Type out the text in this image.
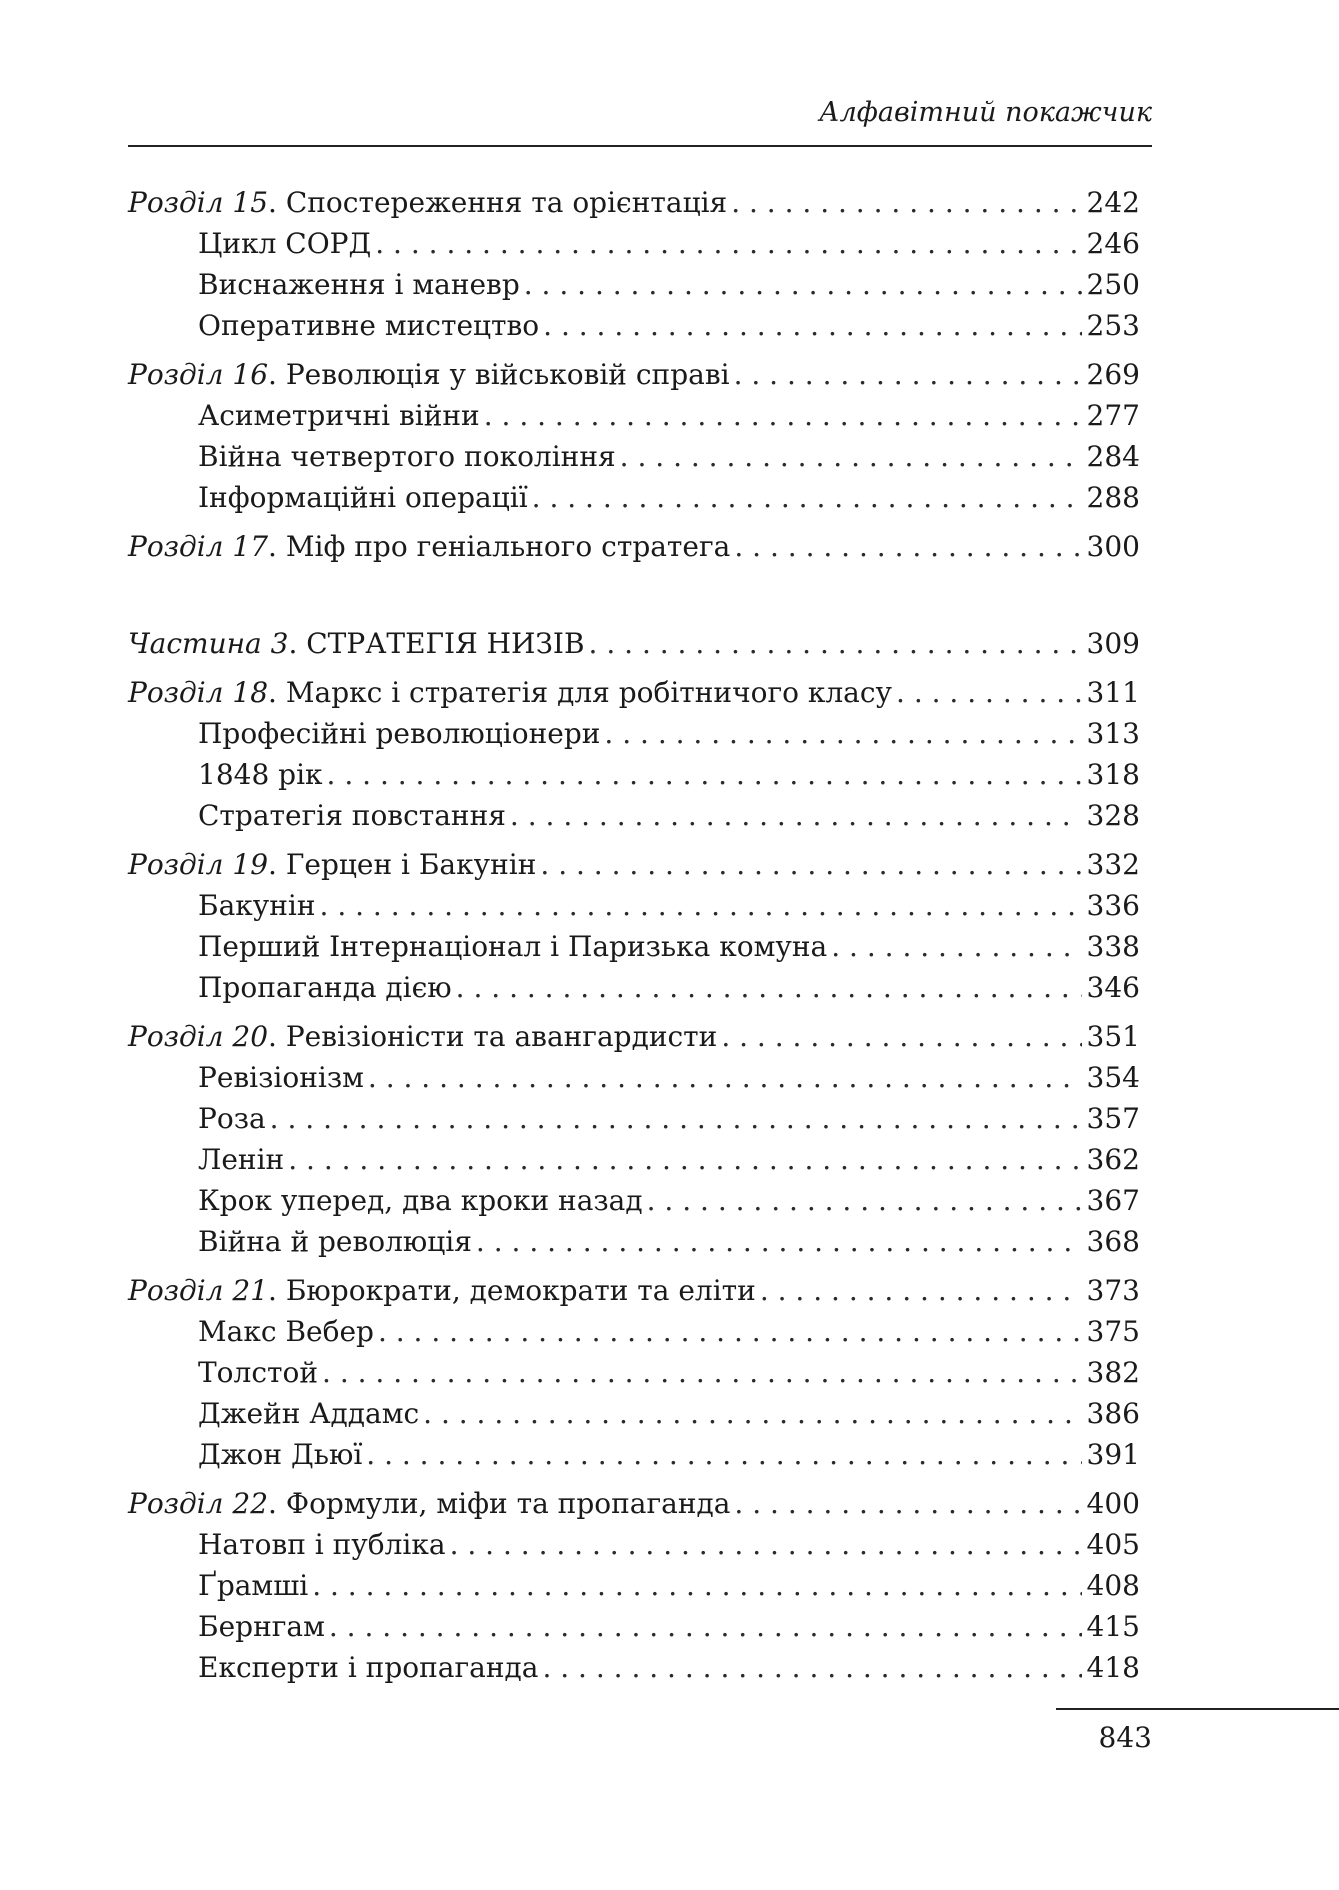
Алфавітний покажчик
Розділ 15. Спостереження та орієнтація . . .	242
Цикл СОРД . . .	246
Виснаження і маневр . . .	250
Оперативне мистецтво . . .	253
Розділ 16. Революція у військовій справі . . .	269
Асиметричні війни . . .	277
Війна четвертого покоління . . .	284
Інформаційні операції . . .	288
Розділ 17. Міф про геніального стратега . . .	300
Частина 3. СТРАТЕГІЯ НИЗІВ . . .	309
Розділ 18. Маркс і стратегія для робітничого класу . . .	311
Професійні революціонери . . .	313
1848 рік . . .	318
Стратегія повстання . . .	328
Розділ 19. Герцен і Бакунін . . .	332
Бакунін . . .	336
Перший Інтернаціонал і Паризька комуна . . .	338
Пропаганда дією . . .	346
Розділ 20. Ревізіоністи та авангардисти . . .	351
Ревізіонізм . . .	354
Роза . . .	357
Ленін . . .	362
Крок уперед, два кроки назад . . .	367
Війна й революція . . .	368
Розділ 21. Бюрократи, демократи та еліти . . .	373
Макс Вебер . . .	375
Толстой . . .	382
Джейн Аддамс . . .	386
Джон Дьюї . . .	391
Розділ 22. Формули, міфи та пропаганда . . .	400
Натовп і публіка . . .	405
Ґрамші . . .	408
Бернгам . . .	415
Експерти і пропаганда . . .	418
843
